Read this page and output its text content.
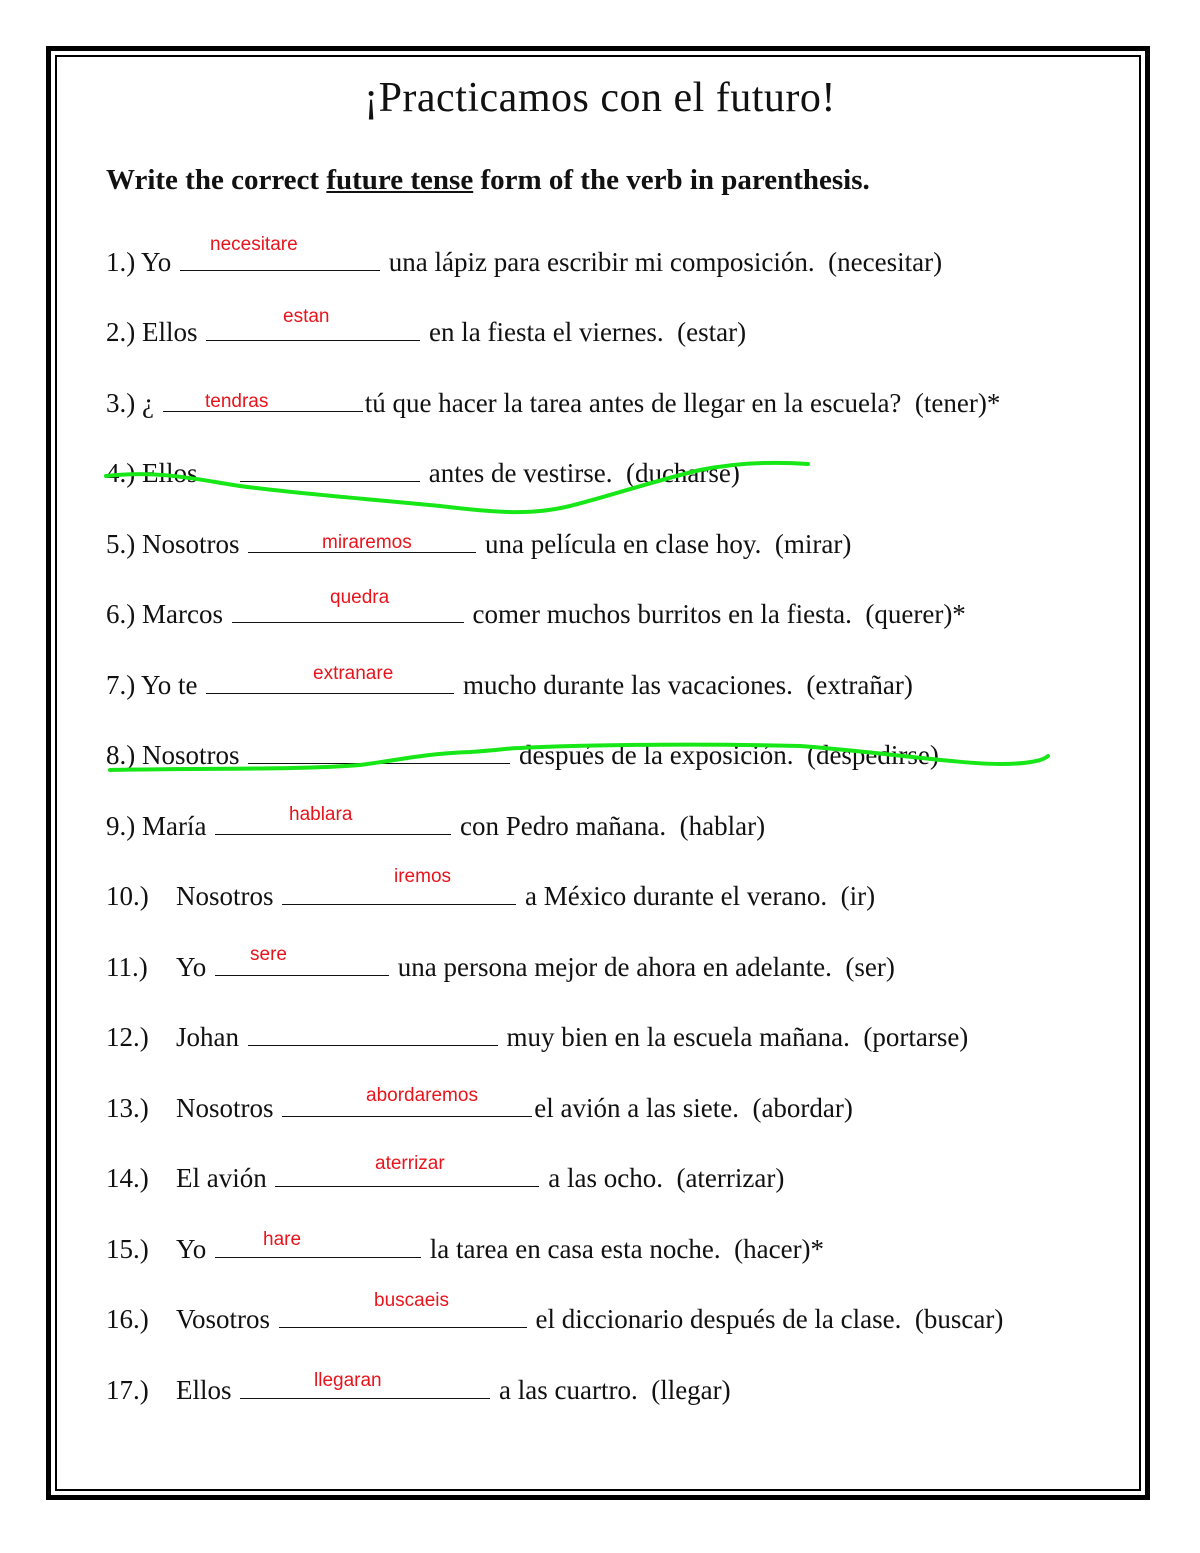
¡Practicamos con el futuro!
Write the correct future tense form of the verb in parenthesis.
1.) Yo	una lápiz para escribir mi composición. (necesitar)
necesitare
2.) Ellos	en la fiesta el viernes. (estar)
estan
3.) ¿	tú que hacer la tarea antes de llegar en la escuela? (tener)*
tendras
4.) Ellos	antes de vestirse. (ducharse)
5.) Nosotros	una película en clase hoy. (mirar)
miraremos
6.) Marcos	comer muchos burritos en la fiesta. (querer)*
quedra
7.) Yo te	mucho durante las vacaciones. (extrañar)
extranare
8.) Nosotros	después de la exposición. (despedirse)
9.) María	con Pedro mañana. (hablar)
hablara
10.) Nosotros	a México durante el verano. (ir)
iremos
11.) Yo	una persona mejor de ahora en adelante. (ser)
sere
12.) Johan	muy bien en la escuela mañana. (portarse)
13.) Nosotros	el avión a las siete. (abordar)
abordaremos
14.) El avión	a las ocho. (aterrizar)
aterrizar
15.) Yo	la tarea en casa esta noche. (hacer)*
hare
16.) Vosotros	el diccionario después de la clase. (buscar)
buscaeis
17.) Ellos	a las cuartro. (llegar)
llegaran
